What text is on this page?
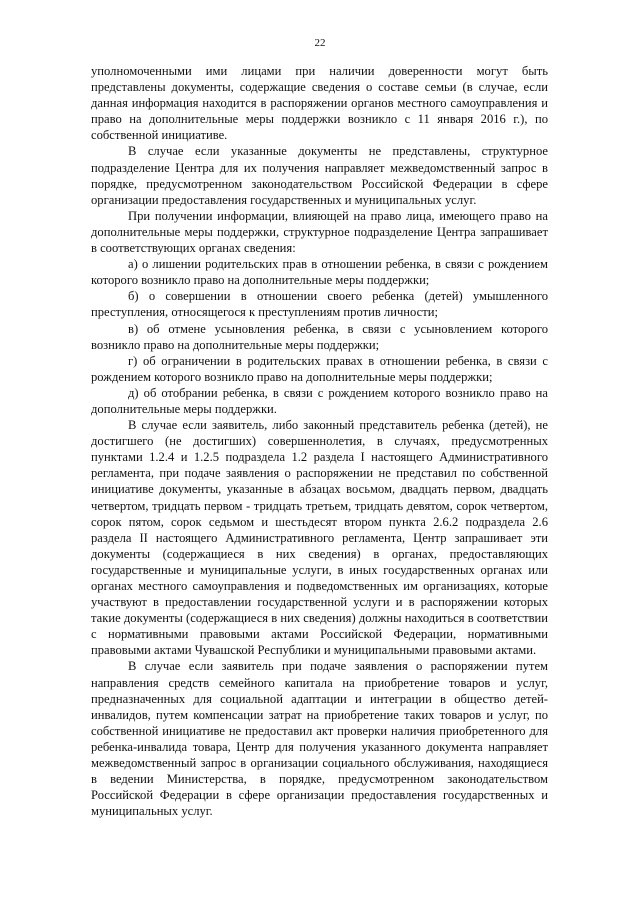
22

уполномоченными ими лицами при наличии доверенности могут быть представлены документы, содержащие сведения о составе семьи (в случае, если данная информация находится в распоряжении органов местного самоуправления и право на дополнительные меры поддержки возникло с 11 января 2016 г.), по собственной инициативе.

В случае если указанные документы не представлены, структурное подразделение Центра для их получения направляет межведомственный запрос в порядке, предусмотренном законодательством Российской Федерации в сфере организации предоставления государственных и муниципальных услуг.

При получении информации, влияющей на право лица, имеющего право на дополнительные меры поддержки, структурное подразделение Центра запрашивает в соответствующих органах сведения:

а) о лишении родительских прав в отношении ребенка, в связи с рождением которого возникло право на дополнительные меры поддержки;

б) о совершении в отношении своего ребенка (детей) умышленного преступления, относящегося к преступлениям против личности;

в) об отмене усыновления ребенка, в связи с усыновлением которого возникло право на дополнительные меры поддержки;

г) об ограничении в родительских правах в отношении ребенка, в связи с рождением которого возникло право на дополнительные меры поддержки;

д) об отобрании ребенка, в связи с рождением которого возникло право на дополнительные меры поддержки.

В случае если заявитель, либо законный представитель ребенка (детей), не достигшего (не достигших) совершеннолетия, в случаях, предусмотренных пунктами 1.2.4 и 1.2.5 подраздела 1.2 раздела I настоящего Административного регламента, при подаче заявления о распоряжении не представил по собственной инициативе документы, указанные в абзацах восьмом, двадцать первом, двадцать четвертом, тридцать первом - тридцать третьем, тридцать девятом, сорок четвертом, сорок пятом, сорок седьмом и шестьдесят втором пункта 2.6.2 подраздела 2.6 раздела II настоящего Административного регламента, Центр запрашивает эти документы (содержащиеся в них сведения) в органах, предоставляющих государственные и муниципальные услуги, в иных государственных органах или органах местного самоуправления и подведомственных им организациях, которые участвуют в предоставлении государственной услуги и в распоряжении которых такие документы (содержащиеся в них сведения) должны находиться в соответствии с нормативными правовыми актами Российской Федерации, нормативными правовыми актами Чувашской Республики и муниципальными правовыми актами.

В случае если заявитель при подаче заявления о распоряжении путем направления средств семейного капитала на приобретение товаров и услуг, предназначенных для социальной адаптации и интеграции в общество детей-инвалидов, путем компенсации затрат на приобретение таких товаров и услуг, по собственной инициативе не предоставил акт проверки наличия приобретенного для ребенка-инвалида товара, Центр для получения указанного документа направляет межведомственный запрос в организации социального обслуживания, находящиеся в ведении Министерства, в порядке, предусмотренном законодательством Российской Федерации в сфере организации предоставления государственных и муниципальных услуг.
